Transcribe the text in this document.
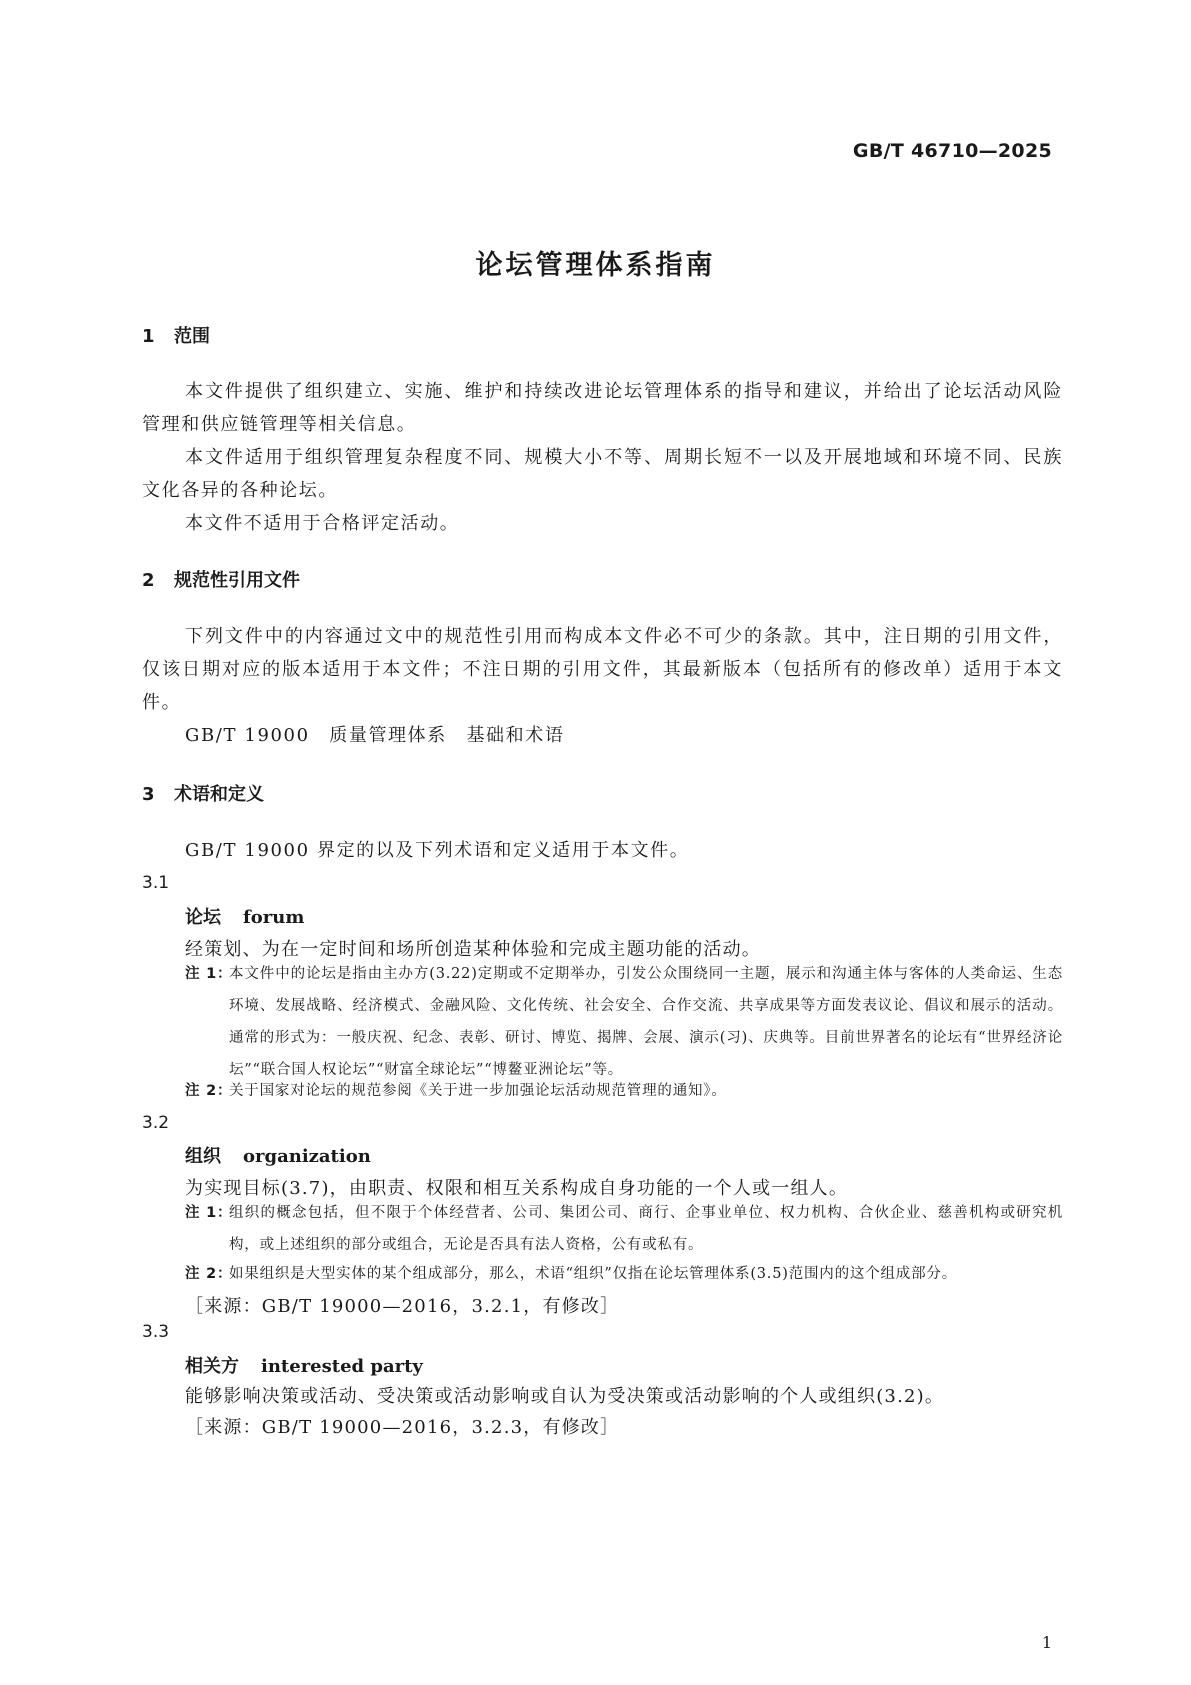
GB/T 46710—2025
论坛管理体系指南
1 范围

本文件提供了组织建立、实施、维护和持续改进论坛管理体系的指导和建议，并给出了论坛活动风险管理和供应链管理等相关信息。

本文件适用于组织管理复杂程度不同、规模大小不等、周期长短不一以及开展地域和环境不同、民族文化各异的各种论坛。

本文件不适用于合格评定活动。

2 规范性引用文件

下列文件中的内容通过文中的规范性引用而构成本文件必不可少的条款。其中，注日期的引用文件，仅该日期对应的版本适用于本文件；不注日期的引用文件，其最新版本（包括所有的修改单）适用于本文件。

GB/T 19000　质量管理体系　基础和术语

3 术语和定义

GB/T 19000 界定的以及下列术语和定义适用于本文件。

3.1
论坛 forum
经策划、为在一定时间和场所创造某种体验和完成主题功能的活动。
注 1：
本文件中的论坛是指由主办方(3.22)定期或不定期举办，引发公众围绕同一主题，展示和沟通主体与客体的人类命运、生态环境、发展战略、经济模式、金融风险、文化传统、社会安全、合作交流、共享成果等方面发表议论、倡议和展示的活动。通常的形式为：一般庆祝、纪念、表彰、研讨、博览、揭牌、会展、演示(习)、庆典等。目前世界著名的论坛有“世界经济论坛”“联合国人权论坛”“财富全球论坛”“博鳌亚洲论坛”等。
注 2：
关于国家对论坛的规范参阅《关于进一步加强论坛活动规范管理的通知》。
3.2
组织 organization
为实现目标(3.7)，由职责、权限和相互关系构成自身功能的一个人或一组人。
注 1：
组织的概念包括，但不限于个体经营者、公司、集团公司、商行、企事业单位、权力机构、合伙企业、慈善机构或研究机构，或上述组织的部分或组合，无论是否具有法人资格，公有或私有。
注 2：
如果组织是大型实体的某个组成部分，那么，术语“组织”仅指在论坛管理体系(3.5)范围内的这个组成部分。
［来源：GB/T 19000—2016，3.2.1，有修改］
3.3
相关方 interested party
能够影响决策或活动、受决策或活动影响或自认为受决策或活动影响的个人或组织(3.2)。
［来源：GB/T 19000—2016，3.2.3，有修改］
1
